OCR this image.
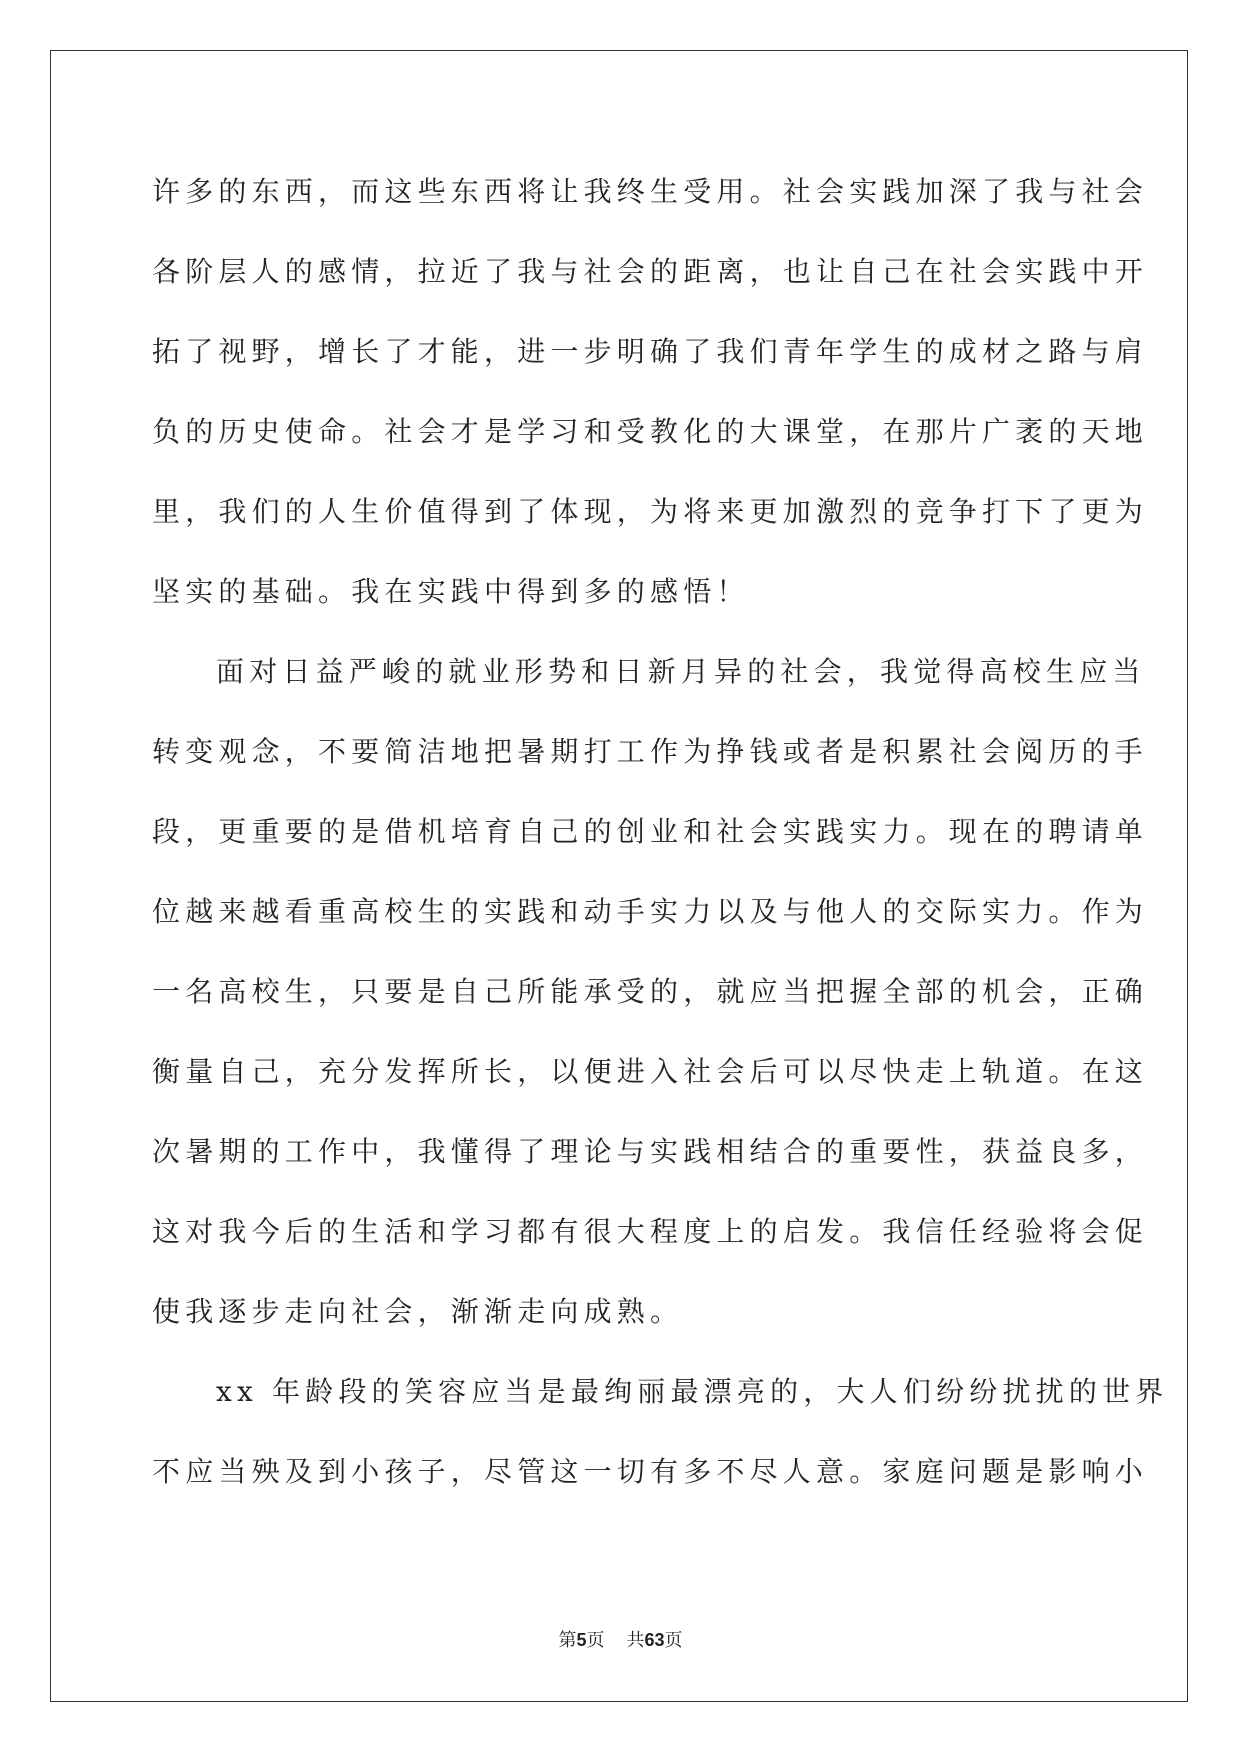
许多的东西，而这些东西将让我终生受用。社会实践加深了我与社会
各阶层人的感情，拉近了我与社会的距离，也让自己在社会实践中开
拓了视野，增长了才能，进一步明确了我们青年学生的成材之路与肩
负的历史使命。社会才是学习和受教化的大课堂，在那片广袤的天地
里，我们的人生价值得到了体现，为将来更加激烈的竞争打下了更为
坚实的基础。我在实践中得到多的感悟！
面对日益严峻的就业形势和日新月异的社会，我觉得高校生应当
转变观念，不要简洁地把暑期打工作为挣钱或者是积累社会阅历的手
段，更重要的是借机培育自己的创业和社会实践实力。现在的聘请单
位越来越看重高校生的实践和动手实力以及与他人的交际实力。作为
一名高校生，只要是自己所能承受的，就应当把握全部的机会，正确
衡量自己，充分发挥所长，以便进入社会后可以尽快走上轨道。在这
次暑期的工作中，我懂得了理论与实践相结合的重要性，获益良多，
这对我今后的生活和学习都有很大程度上的启发。我信任经验将会促
使我逐步走向社会，渐渐走向成熟。
xx 年龄段的笑容应当是最绚丽最漂亮的，大人们纷纷扰扰的世界
不应当殃及到小孩子，尽管这一切有多不尽人意。家庭问题是影响小
第5页 共63页
